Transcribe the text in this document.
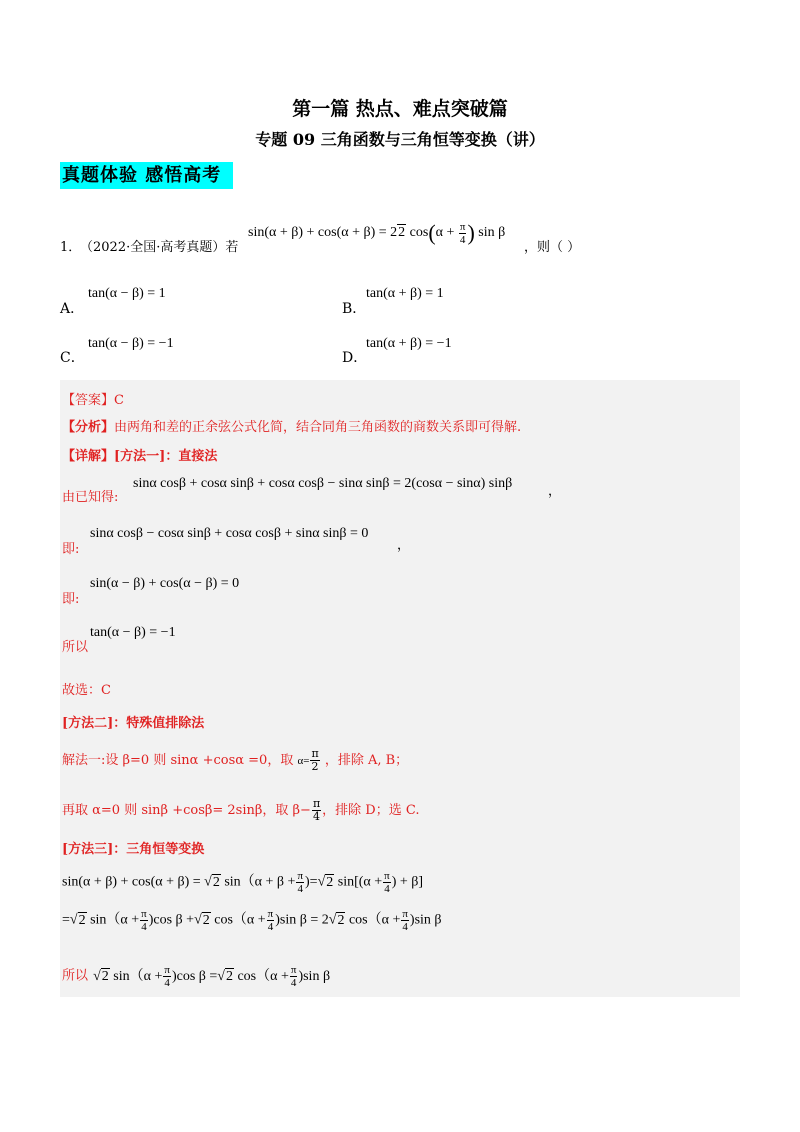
第一篇 热点、难点突破篇
专题 09 三角函数与三角恒等变换（讲）
真题体验 感悟高考
1．
（2022·全国·高考真题）若
sin(α + β) + cos(α + β) = 22 $\cos(\alpha + \frac{\pi}{4}$ ) sin β
，则（ ）
A．
tan(α − β) = 1
B．
tan(α + β) = 1
C．
tan(α − β) = −1
D．
tan(α + β) = −1
【答案】C
【分析】由两角和差的正余弦公式化简，结合同角三角函数的商数关系即可得解.
【详解】[方法一]：直接法
由已知得:
sinα cosβ + cosα sinβ + cosα cosβ − sinα sinβ = 2(cosα − sinα) sinβ
，
即:
sinα cosβ − cosα sinβ + cosα cosβ + sinα sinβ = 0
，
即:
sin(α − β) + cos(α − β) = 0
所以
tan(α − β) = −1
故选：C
[方法二]：特殊值排除法
解法一:设 β=0 则 sinα +cosα =0，取 $\alpha= \frac{\pi}{2}$ ，排除 A, B；
再取 α=0 则 sinβ +cosβ= 2sinβ，取 $\beta- \frac{\pi}{4}$ ，排除 D；选 C.
[方法三]：三角恒等变换
sin(α + β) + cos(α + β) = √2 $\sin(\alpha + \beta + \frac{\pi}{4} )=√2$ $\sin[(\alpha + \frac{\pi}{4}$ ) + β]
=√2 $\sin(\alpha + \frac{\pi}{4} )\cos$ β +√2 $\cos(\alpha + \frac{\pi}{4} )\sin$ β = 2√2 $\cos(\alpha + \frac{\pi}{4} )\sin$ β
所以 √2 $\sin(\alpha + \frac{\pi}{4} )\cos$ β =√2 $\cos(\alpha + \frac{\pi}{4} )\sin$ β
